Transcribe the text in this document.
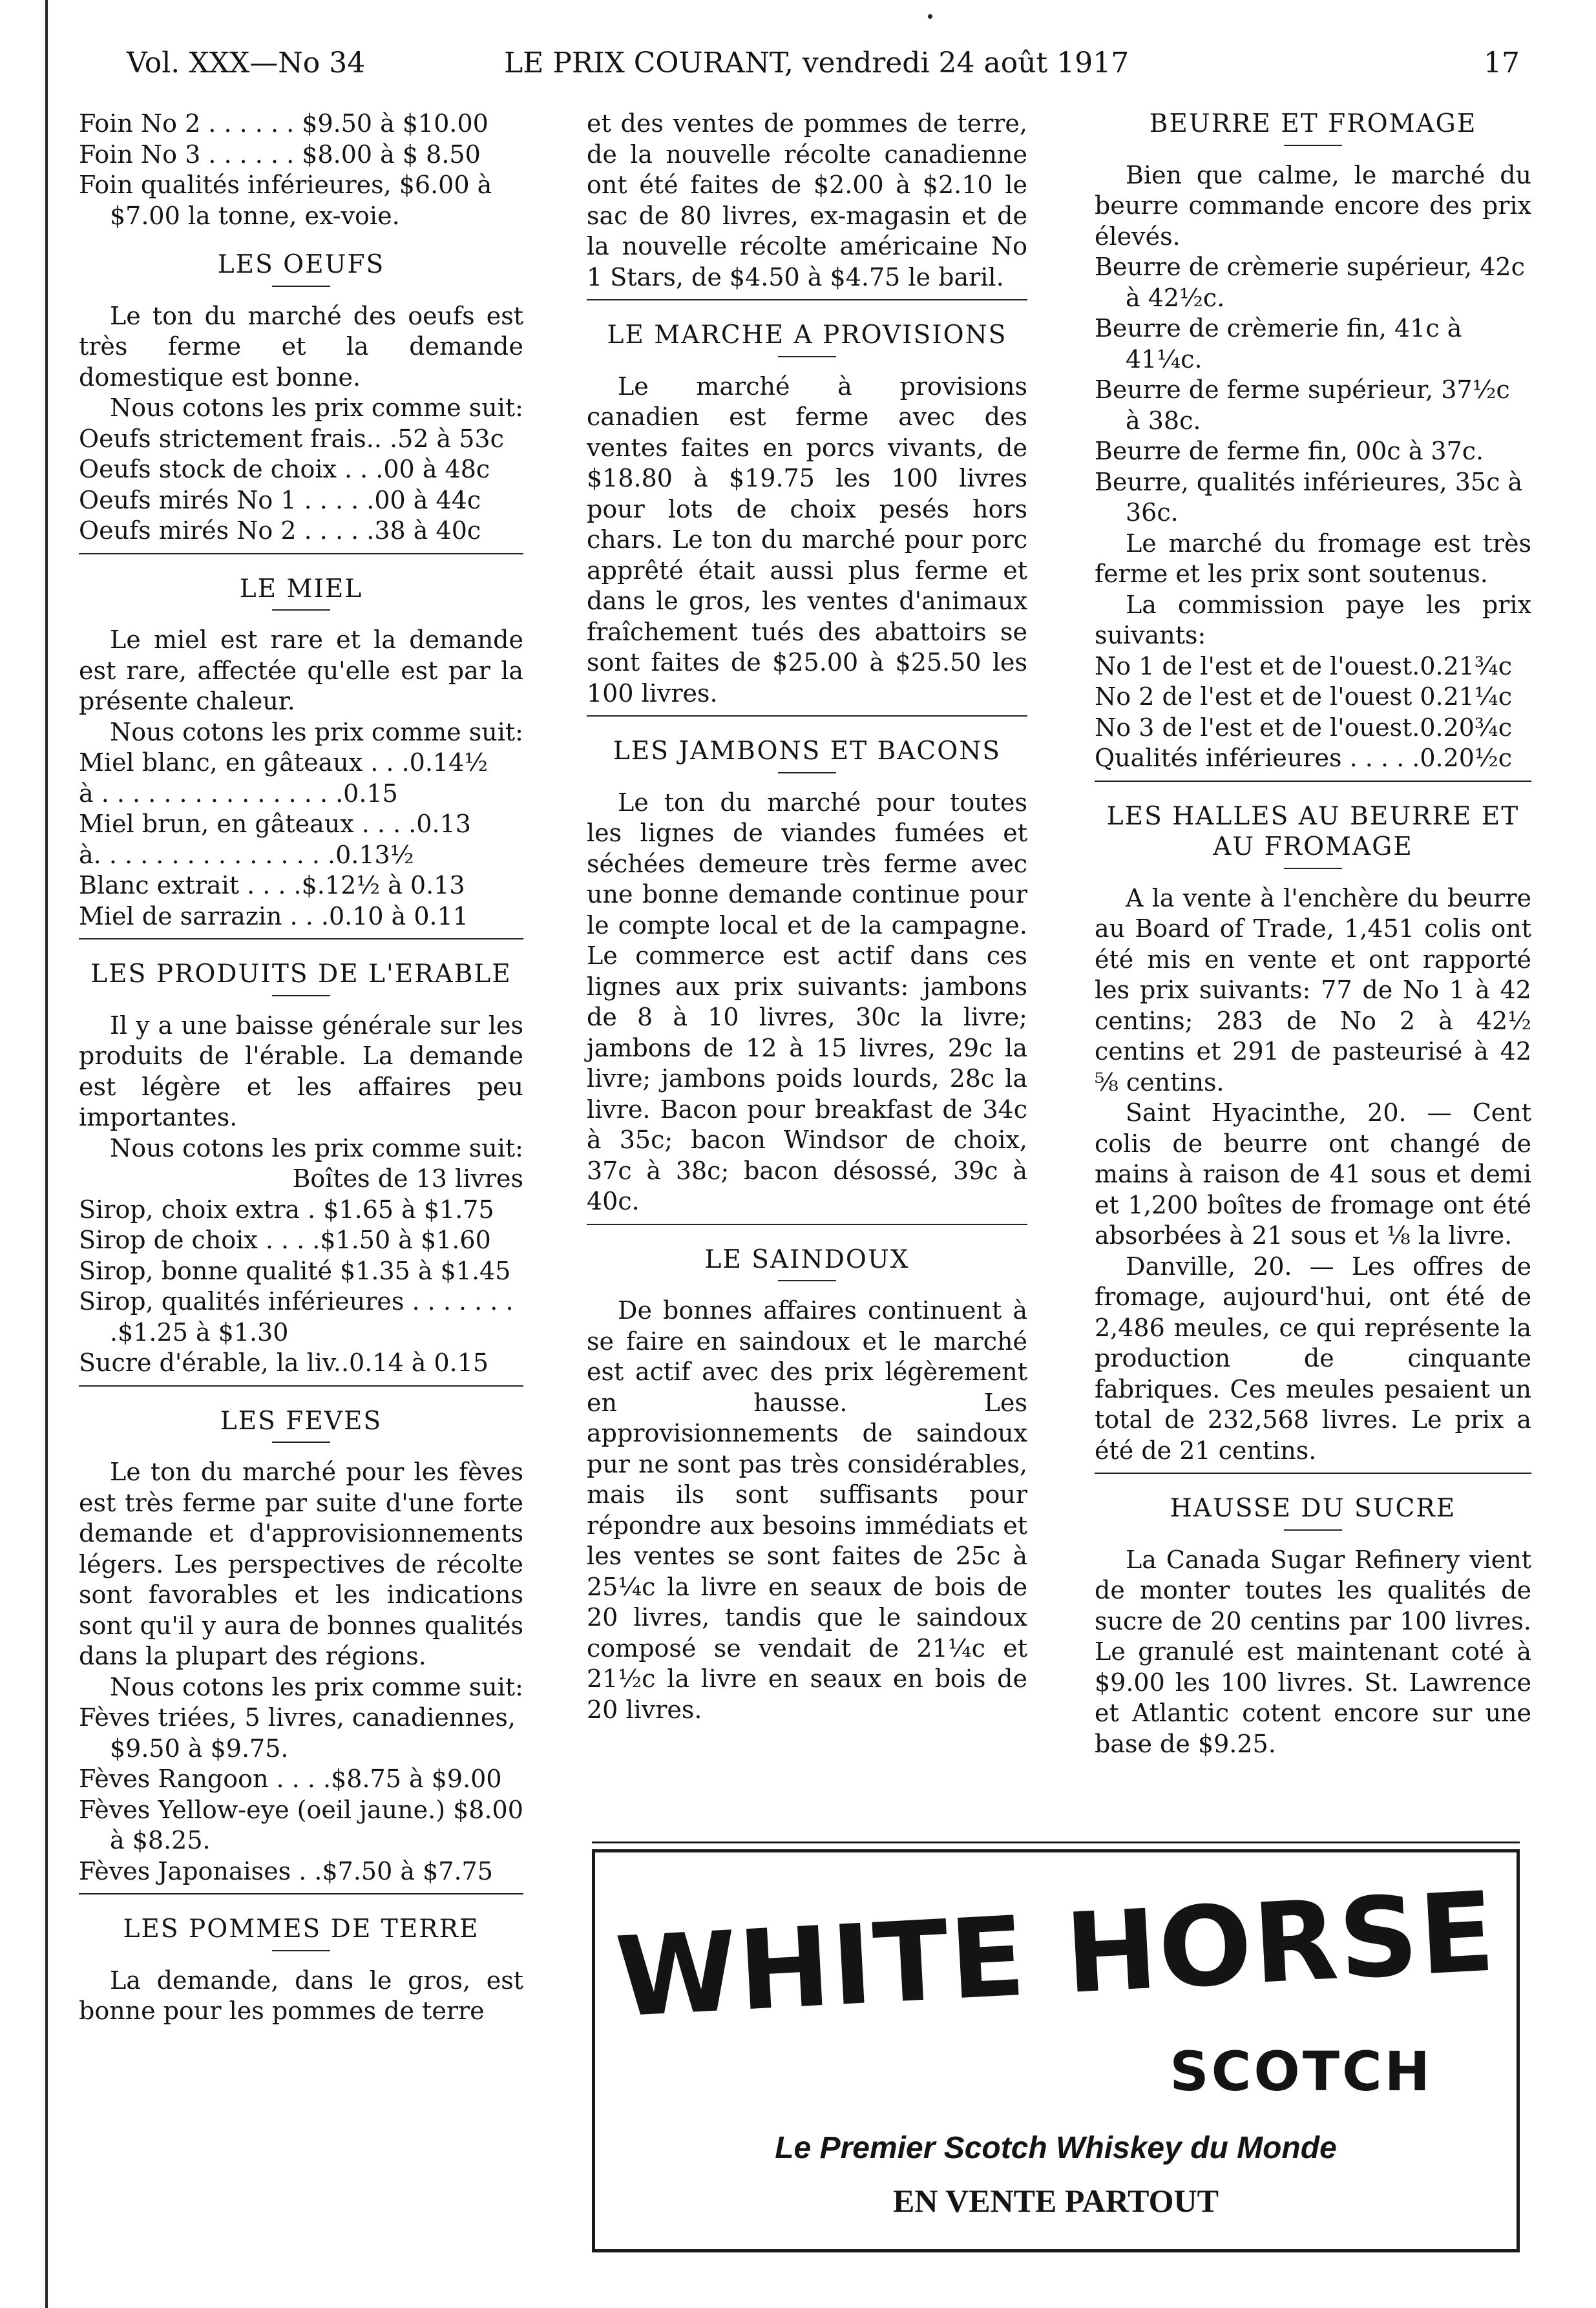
Vol. XXX—No 34	LE PRIX COURANT, vendredi 24 août 1917	17

Foin No 2 . . . . . . $9.50 à $10.00

Foin No 3 . . . . . . $8.00 à $ 8.50

Foin qualités inférieures, $6.00 à $7.00 la tonne, ex-voie.

LES OEUFS

Le ton du marché des oeufs est très ferme et la demande domestique est bonne.

Nous cotons les prix comme suit:

Oeufs strictement frais.. .52 à 53c

Oeufs stock de choix . . .00 à 48c

Oeufs mirés No 1 . . . . .00 à 44c

Oeufs mirés No 2 . . . . .38 à 40c

LE MIEL

Le miel est rare et la demande est rare, affectée qu'elle est par la présente chaleur.

Nous cotons les prix comme suit:

Miel blanc, en gâteaux . . .0.14½

à . . . . . . . . . . . . . . . .0.15

Miel brun, en gâteaux . . . .0.13

à. . . . . . . . . . . . . . . .0.13½

Blanc extrait . . . .$.12½ à 0.13

Miel de sarrazin . . .0.10 à 0.11

LES PRODUITS DE L'ERABLE

Il y a une baisse générale sur les produits de l'érable. La demande est légère et les affaires peu importantes.

Nous cotons les prix comme suit:

Boîtes de 13 livres

Sirop, choix extra . $1.65 à $1.75

Sirop de choix . . . .$1.50 à $1.60

Sirop, bonne qualité $1.35 à $1.45

Sirop, qualités inférieures . . . . . . . .$1.25 à $1.30

Sucre d'érable, la liv..0.14 à 0.15

LES FEVES

Le ton du marché pour les fèves est très ferme par suite d'une forte demande et d'approvisionnements légers. Les perspectives de récolte sont favorables et les indications sont qu'il y aura de bonnes qualités dans la plupart des régions.

Nous cotons les prix comme suit:

Fèves triées, 5 livres, canadiennes, $9.50 à $9.75.

Fèves Rangoon . . . .$8.75 à $9.00

Fèves Yellow-eye (oeil jaune.) $8.00 à $8.25.

Fèves Japonaises . .$7.50 à $7.75

LES POMMES DE TERRE

La demande, dans le gros, est bonne pour les pommes de terre

et des ventes de pommes de terre, de la nouvelle récolte canadienne ont été faites de $2.00 à $2.10 le sac de 80 livres, ex-magasin et de la nouvelle récolte américaine No 1 Stars, de $4.50 à $4.75 le baril.

LE MARCHE A PROVISIONS

Le marché à provisions canadien est ferme avec des ventes faites en porcs vivants, de $18.80 à $19.75 les 100 livres pour lots de choix pesés hors chars. Le ton du marché pour porc apprêté était aussi plus ferme et dans le gros, les ventes d'animaux fraîchement tués des abattoirs se sont faites de $25.00 à $25.50 les 100 livres.

LES JAMBONS ET BACONS

Le ton du marché pour toutes les lignes de viandes fumées et séchées demeure très ferme avec une bonne demande continue pour le compte local et de la campagne. Le commerce est actif dans ces lignes aux prix suivants: jambons de 8 à 10 livres, 30c la livre; jambons de 12 à 15 livres, 29c la livre; jambons poids lourds, 28c la livre. Bacon pour breakfast de 34c à 35c; bacon Windsor de choix, 37c à 38c; bacon désossé, 39c à 40c.

LE SAINDOUX

De bonnes affaires continuent à se faire en saindoux et le marché est actif avec des prix légèrement en hausse. Les approvisionnements de saindoux pur ne sont pas très considérables, mais ils sont suffisants pour répondre aux besoins immédiats et les ventes se sont faites de 25c à 25¼c la livre en seaux de bois de 20 livres, tandis que le saindoux composé se vendait de 21¼c et 21½c la livre en seaux en bois de 20 livres.

BEURRE ET FROMAGE

Bien que calme, le marché du beurre commande encore des prix élevés.

Beurre de crèmerie supérieur, 42c à 42½c.

Beurre de crèmerie fin, 41c à 41¼c.

Beurre de ferme supérieur, 37½c à 38c.

Beurre de ferme fin, 00c à 37c.

Beurre, qualités inférieures, 35c à 36c.

Le marché du fromage est très ferme et les prix sont soutenus.

La commission paye les prix suivants:

No 1 de l'est et de l'ouest.0.21¾c

No 2 de l'est et de l'ouest 0.21¼c

No 3 de l'est et de l'ouest.0.20¾c

Qualités inférieures . . . . .0.20½c

LES HALLES AU BEURRE ET AU FROMAGE

A la vente à l'enchère du beurre au Board of Trade, 1,451 colis ont été mis en vente et ont rapporté les prix suivants: 77 de No 1 à 42 centins; 283 de No 2 à 42½ centins et 291 de pasteurisé à 42 ⅝ centins.

Saint Hyacinthe, 20. — Cent colis de beurre ont changé de mains à raison de 41 sous et demi et 1,200 boîtes de fromage ont été absorbées à 21 sous et ⅛ la livre.

Danville, 20. — Les offres de fromage, aujourd'hui, ont été de 2,486 meules, ce qui représente la production de cinquante fabriques. Ces meules pesaient un total de 232,568 livres. Le prix a été de 21 centins.

HAUSSE DU SUCRE

La Canada Sugar Refinery vient de monter toutes les qualités de sucre de 20 centins par 100 livres. Le granulé est maintenant coté à $9.00 les 100 livres. St. Lawrence et Atlantic cotent encore sur une base de $9.25.

WHITE HORSE
SCOTCH
Le Premier Scotch Whiskey du Monde
EN VENTE PARTOUT
